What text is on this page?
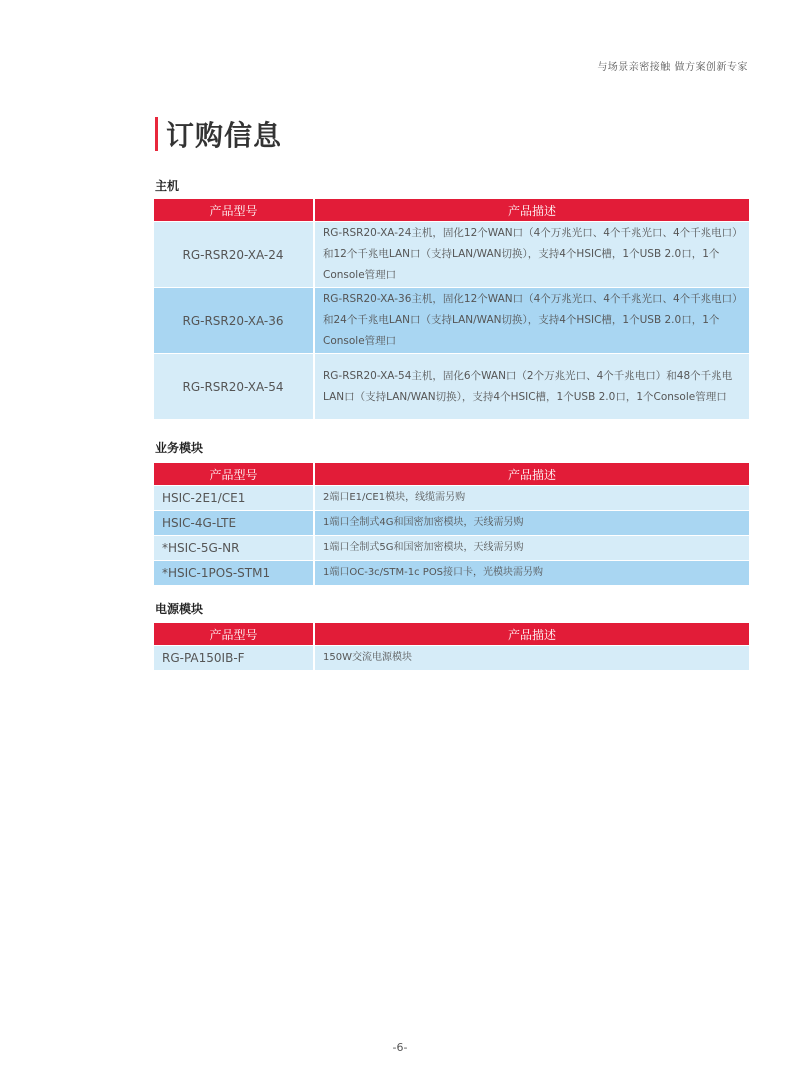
与场景亲密接触 做方案创新专家
订购信息
主机
产品型号	产品描述
RG-RSR20-XA-24	RG-RSR20-XA-24主机，固化12个WAN口（4个万兆光口、4个千兆光口、4个千兆电口）和12个千兆电LAN口（支持LAN/WAN切换），支持4个HSIC槽，1个USB 2.0口，1个Console管理口
RG-RSR20-XA-36	RG-RSR20-XA-36主机，固化12个WAN口（4个万兆光口、4个千兆光口、4个千兆电口）和24个千兆电LAN口（支持LAN/WAN切换），支持4个HSIC槽，1个USB 2.0口，1个Console管理口
RG-RSR20-XA-54	RG-RSR20-XA-54主机，固化6个WAN口（2个万兆光口、4个千兆电口）和48个千兆电LAN口（支持LAN/WAN切换），支持4个HSIC槽，1个USB 2.0口，1个Console管理口
业务模块
产品型号	产品描述
HSIC-2E1/CE1	2端口E1/CE1模块，线缆需另购
HSIC-4G-LTE	1端口全制式4G和国密加密模块，天线需另购
*HSIC-5G-NR	1端口全制式5G和国密加密模块，天线需另购
*HSIC-1POS-STM1	1端口OC-3c/STM-1c POS接口卡，光模块需另购
电源模块
产品型号	产品描述
RG-PA150IB-F	150W交流电源模块
-6-
